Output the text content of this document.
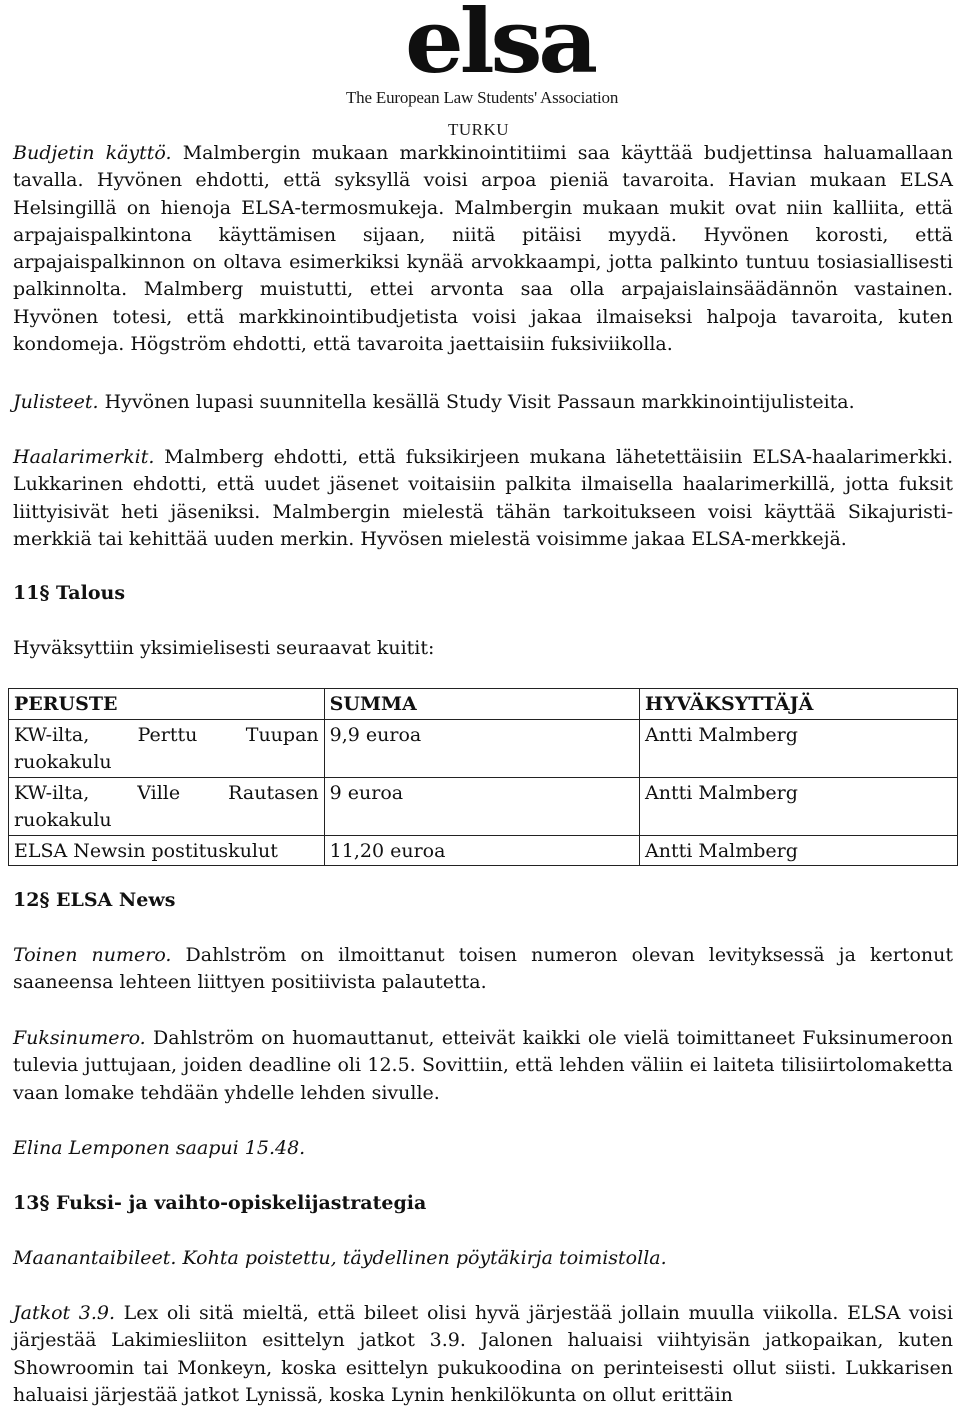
elsa
The European Law Students' Association
TURKU

Budjetin käyttö. Malmbergin mukaan markkinointitiimi saa käyttää budjettinsa haluamallaan tavalla. Hyvönen ehdotti, että syksyllä voisi arpoa pieniä tavaroita. Havian mukaan ELSA Helsingillä on hienoja ELSA-termosmukeja. Malmbergin mukaan mukit ovat niin kalliita, että arpajaispalkintona käyttämisen sijaan, niitä pitäisi myydä. Hyvönen korosti, että arpajaispalkinnon on oltava esimerkiksi kynää arvokkaampi, jotta palkinto tuntuu tosiasiallisesti palkinnolta. Malmberg muistutti, ettei arvonta saa olla arpajaislainsäädännön vastainen. Hyvönen totesi, että markkinointibudjetista voisi jakaa ilmaiseksi halpoja tavaroita, kuten kondomeja. Högström ehdotti, että tavaroita jaettaisiin fuksiviikolla.

Julisteet. Hyvönen lupasi suunnitella kesällä Study Visit Passaun markkinointijulisteita.

Haalarimerkit. Malmberg ehdotti, että fuksikirjeen mukana lähetettäisiin ELSA-haalarimerkki. Lukkarinen ehdotti, että uudet jäsenet voitaisiin palkita ilmaisella haalarimerkillä, jotta fuksit liittyisivät heti jäseniksi. Malmbergin mielestä tähän tarkoitukseen voisi käyttää Sikajuristi-merkkiä tai kehittää uuden merkin. Hyvösen mielestä voisimme jakaa ELSA-merkkejä.

11§ Talous

Hyväksyttiin yksimielisesti seuraavat kuitit:

PERUSTE	SUMMA	HYVÄKSYTTÄJÄ
KW-ilta, Perttu Tuupan ruokakulu	9,9 euroa	Antti Malmberg
KW-ilta, Ville Rautasen ruokakulu	9 euroa	Antti Malmberg
ELSA Newsin postituskulut	11,20 euroa	Antti Malmberg
12§ ELSA News

Toinen numero. Dahlström on ilmoittanut toisen numeron olevan levityksessä ja kertonut saaneensa lehteen liittyen positiivista palautetta.

Fuksinumero. Dahlström on huomauttanut, etteivät kaikki ole vielä toimittaneet Fuksinumeroon tulevia juttujaan, joiden deadline oli 12.5. Sovittiin, että lehden väliin ei laiteta tilisiirtolomaketta vaan lomake tehdään yhdelle lehden sivulle.

Elina Lemponen saapui 15.48.

13§ Fuksi- ja vaihto-opiskelijastrategia

Maanantaibileet. Kohta poistettu, täydellinen pöytäkirja toimistolla.

Jatkot 3.9. Lex oli sitä mieltä, että bileet olisi hyvä järjestää jollain muulla viikolla. ELSA voisi järjestää Lakimiesliiton esittelyn jatkot 3.9. Jalonen haluaisi viihtyisän jatkopaikan, kuten Showroomin tai Monkeyn, koska esittelyn pukukoodina on perinteisesti ollut siisti. Lukkarisen haluaisi järjestää jatkot Lynissä, koska Lynin henkilökunta on ollut erittäin
